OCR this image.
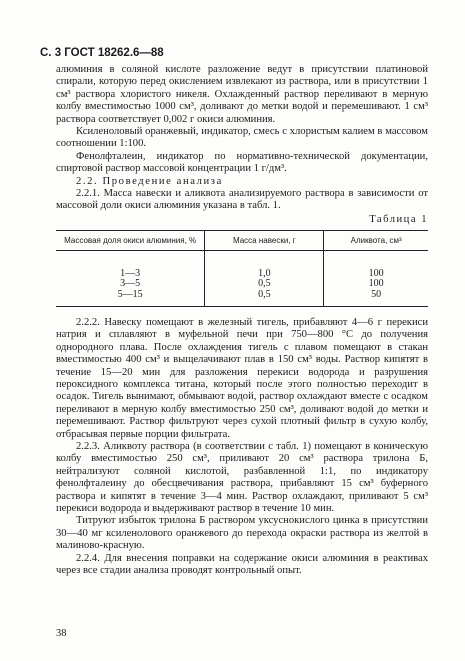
С. 3 ГОСТ 18262.6—88

алюминия в соляной кислоте разложение ведут в присутствии платиновой спирали, которую перед окислением извлекают из раствора, или в присутствии 1 см³ раствора хлористого никеля. Охлажденный раствор переливают в мерную колбу вместимостью 1000 см³, доливают до метки водой и перемешивают. 1 см³ раствора соответствует 0,002 г окиси алюминия.

Ксиленоловый оранжевый, индикатор, смесь с хлористым калием в массовом соотношении 1:100.

Фенолфталеин, индикатор по нормативно-технической документации, спиртовой раствор массовой концентрации 1 г/дм³.

2.2. Проведение анализа

2.2.1. Масса навески и аликвота анализируемого раствора в зависимости от массовой доли окиси алюминия указана в табл. 1.

Таблица 1
Массовая доля окиси алюминия, %	Масса навески, г	Аликвота, см³
1—3	1,0	100
3—5	0,5	100
5—15	0,5	50

2.2.2. Навеску помещают в железный тигель, прибавляют 4—6 г перекиси натрия и сплавляют в муфельной печи при 750—800 °С до получения однородного плава. После охлаждения тигель с плавом помещают в стакан вместимостью 400 см³ и выщелачивают плав в 150 см³ воды. Раствор кипятят в течение 15—20 мин для разложения перекиси водорода и разрушения пероксидного комплекса титана, который после этого полностью переходит в осадок. Тигель вынимают, обмывают водой, раствор охлаждают вместе с осадком переливают в мерную колбу вместимостью 250 см³, доливают водой до метки и перемешивают. Раствор фильтруют через сухой плотный фильтр в сухую колбу, отбрасывая первые порции фильтрата.

2.2.3. Аликвоту раствора (в соответствии с табл. 1) помещают в коническую колбу вместимостью 250 см³, приливают 20 см³ раствора трилона Б, нейтрализуют соляной кислотой, разбавленной 1:1, по индикатору фенолфталеину до обесцвечивания раствора, прибавляют 15 см³ буферного раствора и кипятят в течение 3—4 мин. Раствор охлаждают, приливают 5 см³ перекиси водорода и выдерживают раствор в течение 10 мин.

Титруют избыток трилона Б раствором уксуснокислого цинка в присутствии 30—40 мг ксиленолового оранжевого до перехода окраски раствора из желтой в малиново-красную.

2.2.4. Для внесения поправки на содержание окиси алюминия в реактивах через все стадии анализа проводят контрольный опыт.

38
